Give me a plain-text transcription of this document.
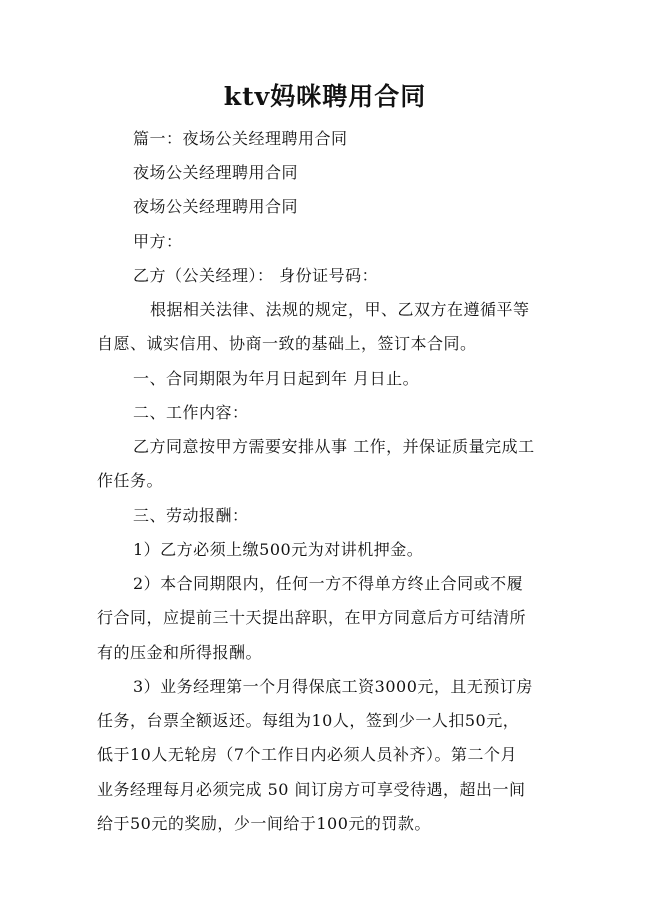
ktv妈咪聘用合同
篇一：夜场公关经理聘用合同
夜场公关经理聘用合同
夜场公关经理聘用合同
甲方：
乙方（公关经理）： 身份证号码：
根据相关法律、法规的规定，甲、乙双方在遵循平等
自愿、诚实信用、协商一致的基础上，签订本合同。
一、合同期限为年月日起到年 月日止。
二、工作内容：
乙方同意按甲方需要安排从事 工作，并保证质量完成工
作任务。
三、劳动报酬：
1）乙方必须上缴500元为对讲机押金。
2）本合同期限内，任何一方不得单方终止合同或不履
行合同，应提前三十天提出辞职，在甲方同意后方可结清所
有的压金和所得报酬。
3）业务经理第一个月得保底工资3000元，且无预订房
任务，台票全额返还。每组为10人，签到少一人扣50元，
低于10人无轮房（7个工作日内必须人员补齐）。第二个月
业务经理每月必须完成 50 间订房方可享受待遇，超出一间
给于50元的奖励，少一间给于100元的罚款。
